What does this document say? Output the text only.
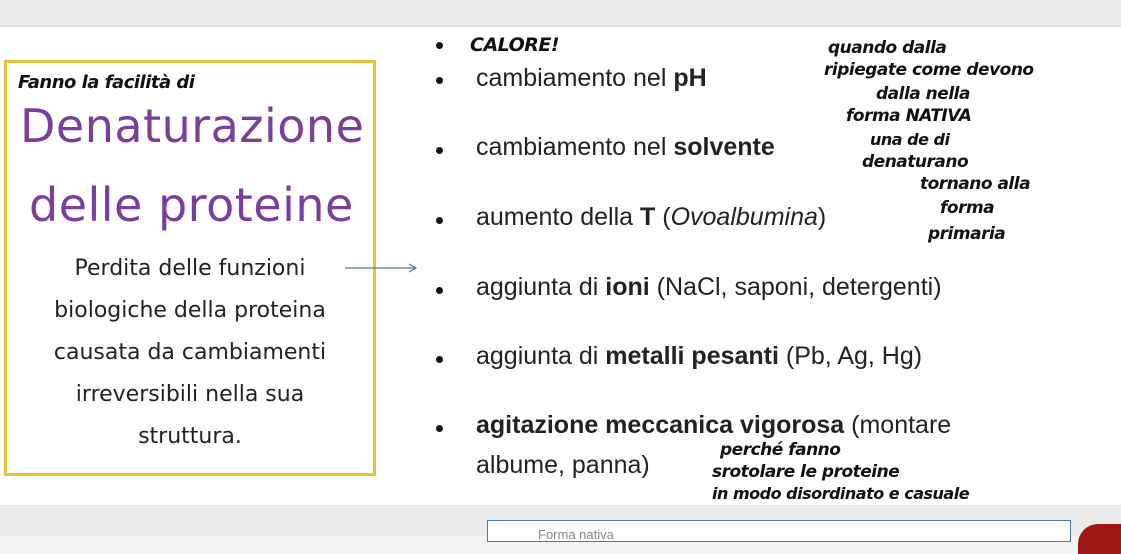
CALORE!
Fanno la facilità di
Denaturazione
delle proteine
Perdita delle funzioni
biologiche della proteina
causata da cambiamenti
irreversibili nella sua
struttura.
cambiamento nel pH
cambiamento nel solvente
aumento della T (Ovoalbumina)
aggiunta di ioni (NaCl, saponi, detergenti)
aggiunta di metalli pesanti (Pb, Ag, Hg)
agitazione meccanica vigorosa (montare
albume, panna)
quando dalla
ripiegate come devono
dalla nella
forma NATIVA
una de di
denaturano
tornano alla
forma
primaria
perché fanno
srotolare le proteine
in modo disordinato e casuale
Forma nativa
